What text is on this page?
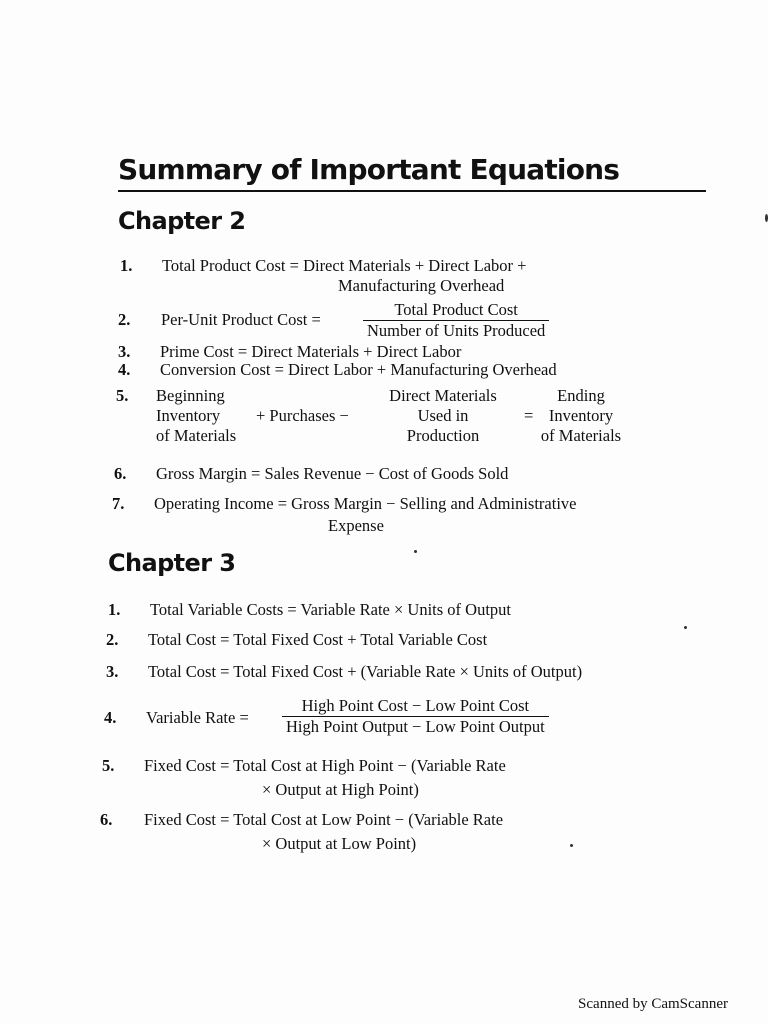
Summary of Important Equations
Chapter 2
1. Total Product Cost = Direct Materials + Direct Labor +
Manufacturing Overhead
2. Per-Unit Product Cost =
Total Product Cost
Number of Units Produced
3. Prime Cost = Direct Materials + Direct Labor
4. Conversion Cost = Direct Labor + Manufacturing Overhead
5. Beginning
Inventory
of Materials
+ Purchases −
Direct Materials
Used in
Production
=
Ending
Inventory
of Materials
6. Gross Margin = Sales Revenue − Cost of Goods Sold
7. Operating Income = Gross Margin − Selling and Administrative
Expense
Chapter 3
1. Total Variable Costs = Variable Rate × Units of Output
2. Total Cost = Total Fixed Cost + Total Variable Cost
3. Total Cost = Total Fixed Cost + (Variable Rate × Units of Output)
4. Variable Rate =
High Point Cost − Low Point Cost
High Point Output − Low Point Output
5. Fixed Cost = Total Cost at High Point − (Variable Rate
× Output at High Point)
6. Fixed Cost = Total Cost at Low Point − (Variable Rate
× Output at Low Point)
Scanned by CamScanner
